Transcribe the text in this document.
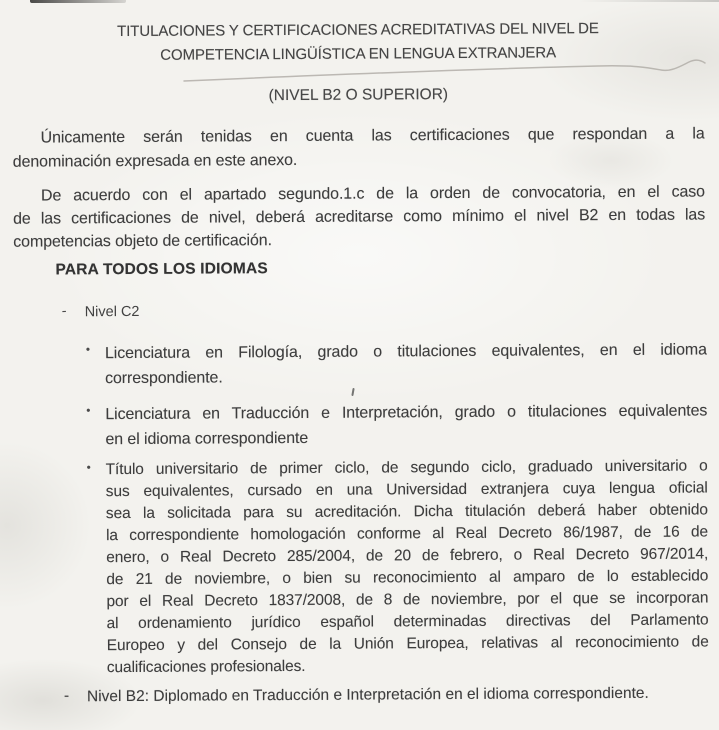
TITULACIONES Y CERTIFICACIONES ACREDITATIVAS DEL NIVEL DE
COMPETENCIA LINGÜÍSTICA EN LENGUA EXTRANJERA
(NIVEL B2 O SUPERIOR)
Únicamente serán tenidas en cuenta las certificaciones que respondan a la
denominación expresada en este anexo.
De acuerdo con el apartado segundo.1.c de la orden de convocatoria, en el caso
de las certificaciones de nivel, deberá acreditarse como mínimo el nivel B2 en todas las
competencias objeto de certificación.
PARA TODOS LOS IDIOMAS
- Nivel C2
• Licenciatura en Filología, grado o titulaciones equivalentes, en el idioma
correspondiente.
• Licenciatura en Traducción e Interpretación, grado o titulaciones equivalentes
en el idioma correspondiente
• Título universitario de primer ciclo, de segundo ciclo, graduado universitario o
sus equivalentes, cursado en una Universidad extranjera cuya lengua oficial
sea la solicitada para su acreditación. Dicha titulación deberá haber obtenido
la correspondiente homologación conforme al Real Decreto 86/1987, de 16 de
enero, o Real Decreto 285/2004, de 20 de febrero, o Real Decreto 967/2014,
de 21 de noviembre, o bien su reconocimiento al amparo de lo establecido
por el Real Decreto 1837/2008, de 8 de noviembre, por el que se incorporan
al ordenamiento jurídico español determinadas directivas del Parlamento
Europeo y del Consejo de la Unión Europea, relativas al reconocimiento de
cualificaciones profesionales.
- Nivel B2: Diplomado en Traducción e Interpretación en el idioma correspondiente.
